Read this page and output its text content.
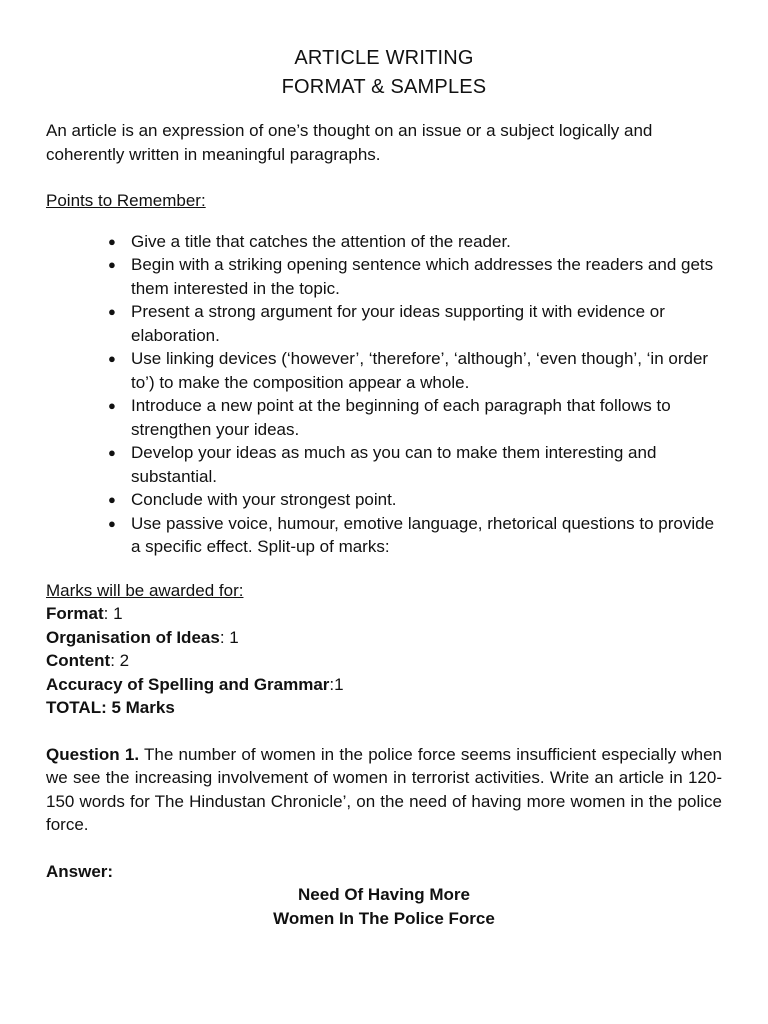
ARTICLE WRITING

FORMAT & SAMPLES

An article is an expression of one’s thought on an issue or a subject logically and coherently written in meaningful paragraphs.

Points to Remember:

● Give a title that catches the attention of the reader.
● Begin with a striking opening sentence which addresses the readers and gets them interested in the topic.
● Present a strong argument for your ideas supporting it with evidence or elaboration.
● Use linking devices (‘however’, ‘therefore’, ‘although’, ‘even though’, ‘in order to’) to make the composition appear a whole.
● Introduce a new point at the beginning of each paragraph that follows to strengthen your ideas.
● Develop your ideas as much as you can to make them interesting and substantial.
● Conclude with your strongest point.
● Use passive voice, humour, emotive language, rhetorical questions to provide a specific effect. Split-up of marks:

Marks will be awarded for:

Format: 1

Organisation of Ideas: 1

Content: 2

Accuracy of Spelling and Grammar:1

TOTAL: 5 Marks

Question 1. The number of women in the police force seems insufficient especially when we see the increasing involvement of women in terrorist activities. Write an article in 120-150 words for The Hindustan Chronicle’, on the need of having more women in the police force.

Answer:

Need Of Having More

Women In The Police Force
